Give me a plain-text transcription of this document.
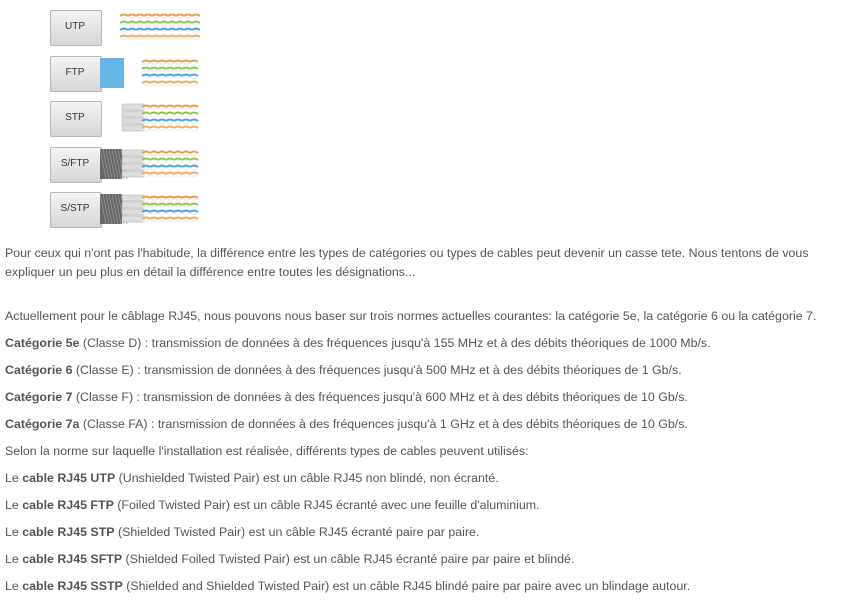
UTP
FTP
STP
S/FTP
S/STP

Pour ceux qui n'ont pas l'habitude, la différence entre les types de catégories ou types de cables peut devenir un casse tete. Nous tentons de vous

expliquer un peu plus en détail la différence entre toutes les désignations...

Actuellement pour le câblage RJ45, nous pouvons nous baser sur trois normes actuelles courantes: la catégorie 5e, la catégorie 6 ou la catégorie 7.

Catégorie 5e (Classe D) : transmission de données à des fréquences jusqu'à 155 MHz et à des débits théoriques de 1000 Mb/s.

Catégorie 6 (Classe E) : transmission de données à des fréquences jusqu'à 500 MHz et à des débits théoriques de 1 Gb/s.

Catégorie 7 (Classe F) : transmission de données à des fréquences jusqu'à 600 MHz et à des débits théoriques de 10 Gb/s.

Catégorie 7a (Classe FA) : transmission de données à des fréquences jusqu'à 1 GHz et à des débits théoriques de 10 Gb/s.

Selon la norme sur laquelle l'installation est réalisée, différents types de cables peuvent utilisés:

Le cable RJ45 UTP (Unshielded Twisted Pair) est un câble RJ45 non blindé, non écranté.

Le cable RJ45 FTP (Foiled Twisted Pair) est un câble RJ45 écranté avec une feuille d'aluminium.

Le cable RJ45 STP (Shielded Twisted Pair) est un câble RJ45 écranté paire par paire.

Le cable RJ45 SFTP (Shielded Foiled Twisted Pair) est un câble RJ45 écranté paire par paire et blindé.

Le cable RJ45 SSTP (Shielded and Shielded Twisted Pair) est un câble RJ45 blindé paire par paire avec un blindage autour.
